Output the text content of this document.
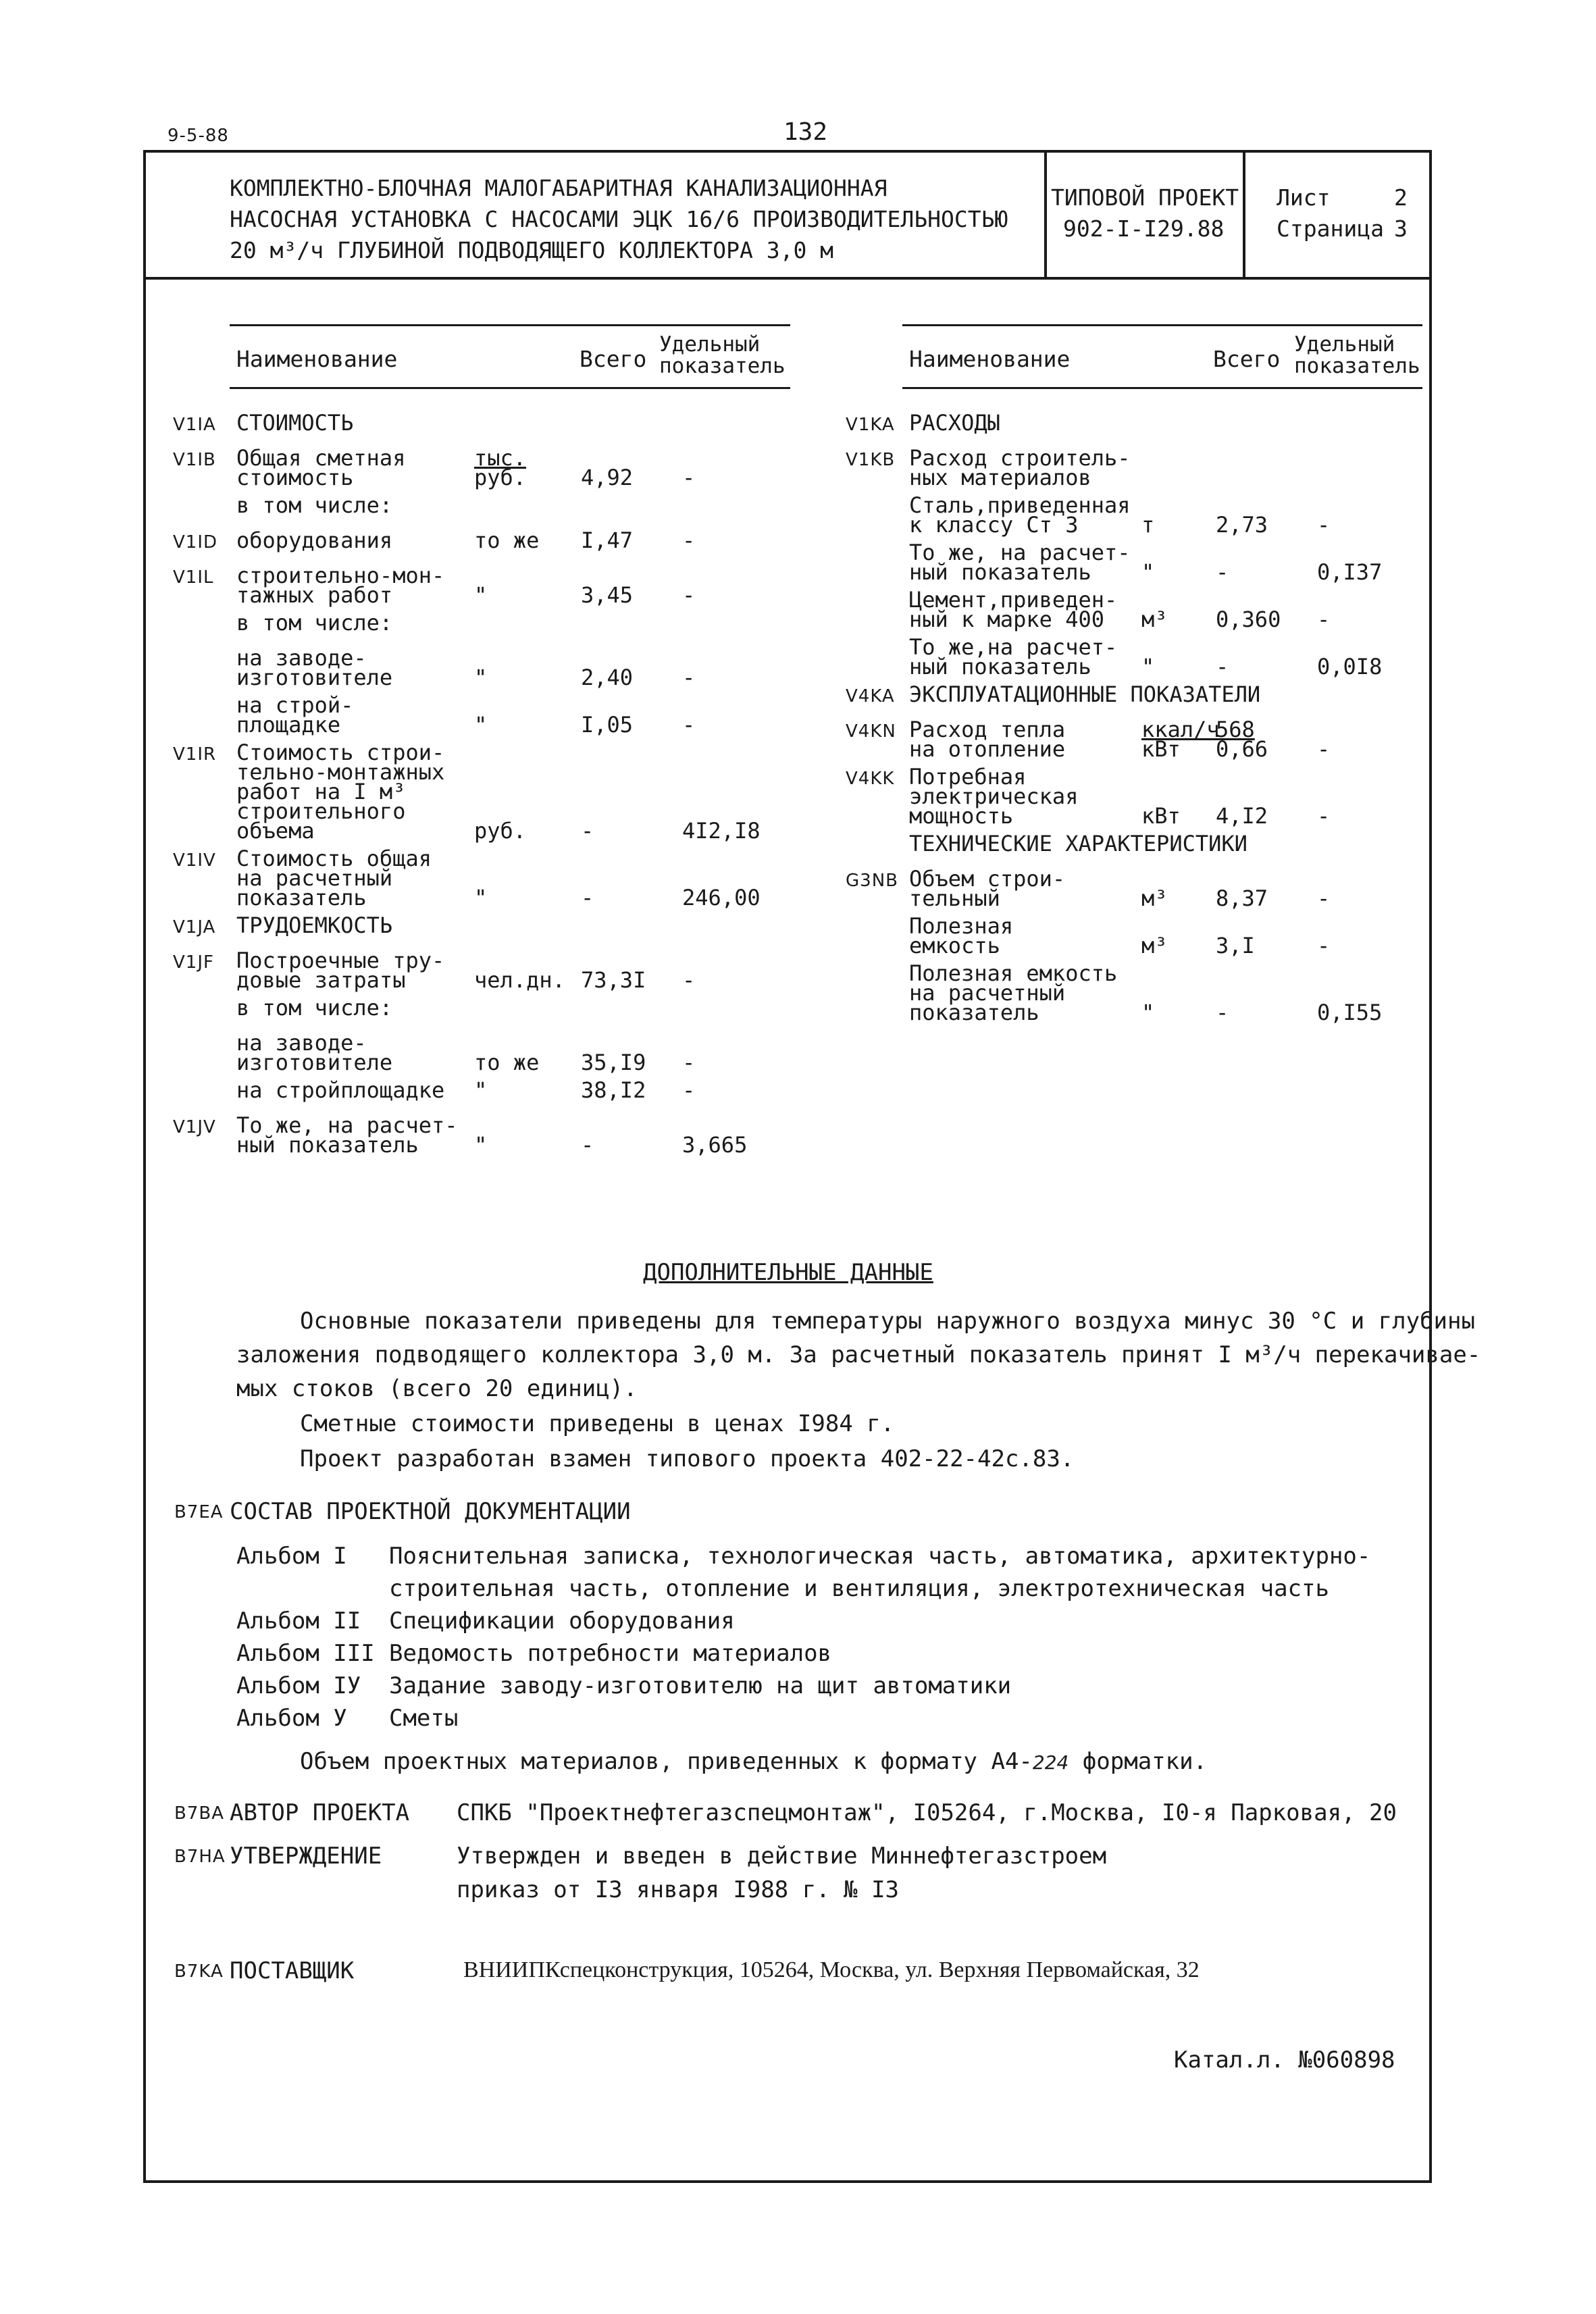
9-5-88	132
КОМПЛЕКТНО-БЛОЧНАЯ МАЛОГАБАРИТНАЯ КАНАЛИЗАЦИОННАЯ
НАСОСНАЯ УСТАНОВКА С НАСОСАМИ ЭЦК 16/6 ПРОИЗВОДИТЕЛЬНОСТЬЮ
20 м³/ч ГЛУБИНОЙ ПОДВОДЯЩЕГО КОЛЛЕКТОРА 3,0 м
ТИПОВОЙ ПРОЕКТ
902-I-I29.88
Лист	2
Страница 3
Наименование	Всего
Удельный
показатель	Наименование	Всего
Удельный
показатель
V1IA СТОИМОСТЬ
V1IB Общая сметная
стоимость
тыс.
руб.	4,92 -
в том числе:
V1ID оборудования	то же I,47 -
V1IL строительно-мон-
тажных работ	"	3,45 -
в том числе:
на заводе-
изготовителе	"	2,40 -
на строй-
площадке	"	I,05 -
V1IR Стоимость строи-
тельно-монтажных
работ на I м³
строительного
объема	руб.	-	4I2,I8
V1IV Стоимость общая
на расчетный
показатель	"	-	246,00
V1JA ТРУДОЕМКОСТЬ
V1JF Построечные тру-
довые затраты	чел.дн. 73,3I -
в том числе:
на заводе-
изготовителе	то же 35,I9 -
на стройплощадке "	38,I2 -
V1JV То же, на расчет-
ный показатель	"	-	3,665
V1KA РАСХОДЫ
V1KB Расход строитель-
ных материалов
Сталь,приведенная
к классу Ст 3	т	2,73 -
То же, на расчет-
ный показатель "	-	0,I37
Цемент,приведен-
ный к марке 400 м³ 0,360 -
То же,на расчет-
ный показатель "	-	0,0I8
V4KA ЭКСПЛУАТАЦИОННЫЕ ПОКАЗАТЕЛИ
V4KN Расход тепла
на отопление
ккал/ч
кВт
568
0,66 -
V4KK Потребная
электрическая
мощность	кВт 4,I2 -
ТЕХНИЧЕСКИЕ ХАРАКТЕРИСТИКИ
G3NB Объем строи-
тельный	м³ 8,37 -
Полезная
емкость	м³ 3,I	-
Полезная емкость
на расчетный
показатель	"	-	0,I55
ДОПОЛНИТЕЛЬНЫЕ ДАННЫЕ
Основные показатели приведены для температуры наружного воздуха минус 30 °С и глубины
заложения подводящего коллектора 3,0 м. За расчетный показатель принят I м³/ч перекачивае-
мых стоков (всего 20 единиц).
Сметные стоимости приведены в ценах I984 г.
Проект разработан взамен типового проекта 402-22-42с.83.
B7EA СОСТАВ ПРОЕКТНОЙ ДОКУМЕНТАЦИИ
Альбом I Пояснительная записка, технологическая часть, автоматика, архитектурно-
строительная часть, отопление и вентиляция, электротехническая часть
Альбом II Спецификации оборудования
Альбом III Ведомость потребности материалов
Альбом IУ Задание заводу-изготовителю на щит автоматики
Альбом У Сметы
Объем проектных материалов, приведенных к формату А4-224 форматки.
B7BA АВТОР ПРОЕКТА СПКБ "Проектнефтегазспецмонтаж", I05264, г.Москва, I0-я Парковая, 20
B7HA УТВЕРЖДЕНИЕ	Утвержден и введен в действие Миннефтегазстроем
приказ от I3 января I988 г. № I3
B7KA ПОСТАВЩИК	ВНИИПКспецконструкция, 105264, Москва, ул. Верхняя Первомайская, 32
Катал.л. №060898
